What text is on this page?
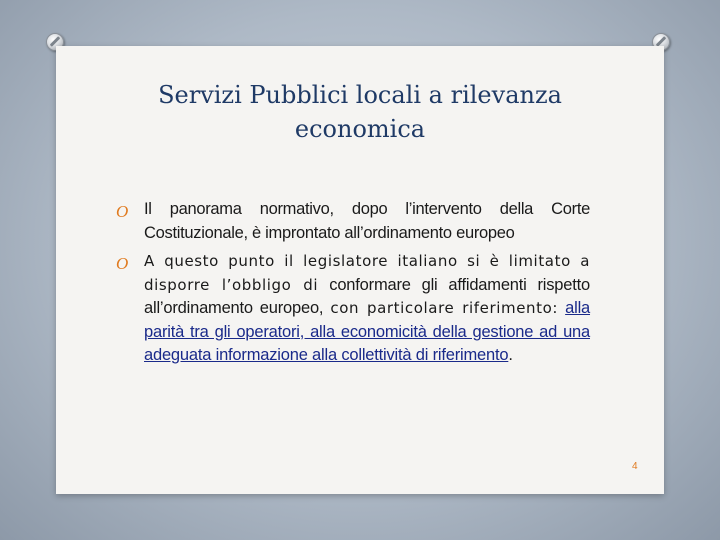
Servizi Pubblici locali a rilevanza
economica
O Il panorama normativo, dopo l’intervento della Corte Costituzionale, è improntato all’ordinamento europeo
O A questo punto il legislatore italiano si è limitato a disporre l’obbligo di conformare gli affidamenti rispetto all’ordinamento europeo, con particolare riferimento: alla parità tra gli operatori, alla economicità della gestione ad una adeguata informazione alla collettività di riferimento.
4
